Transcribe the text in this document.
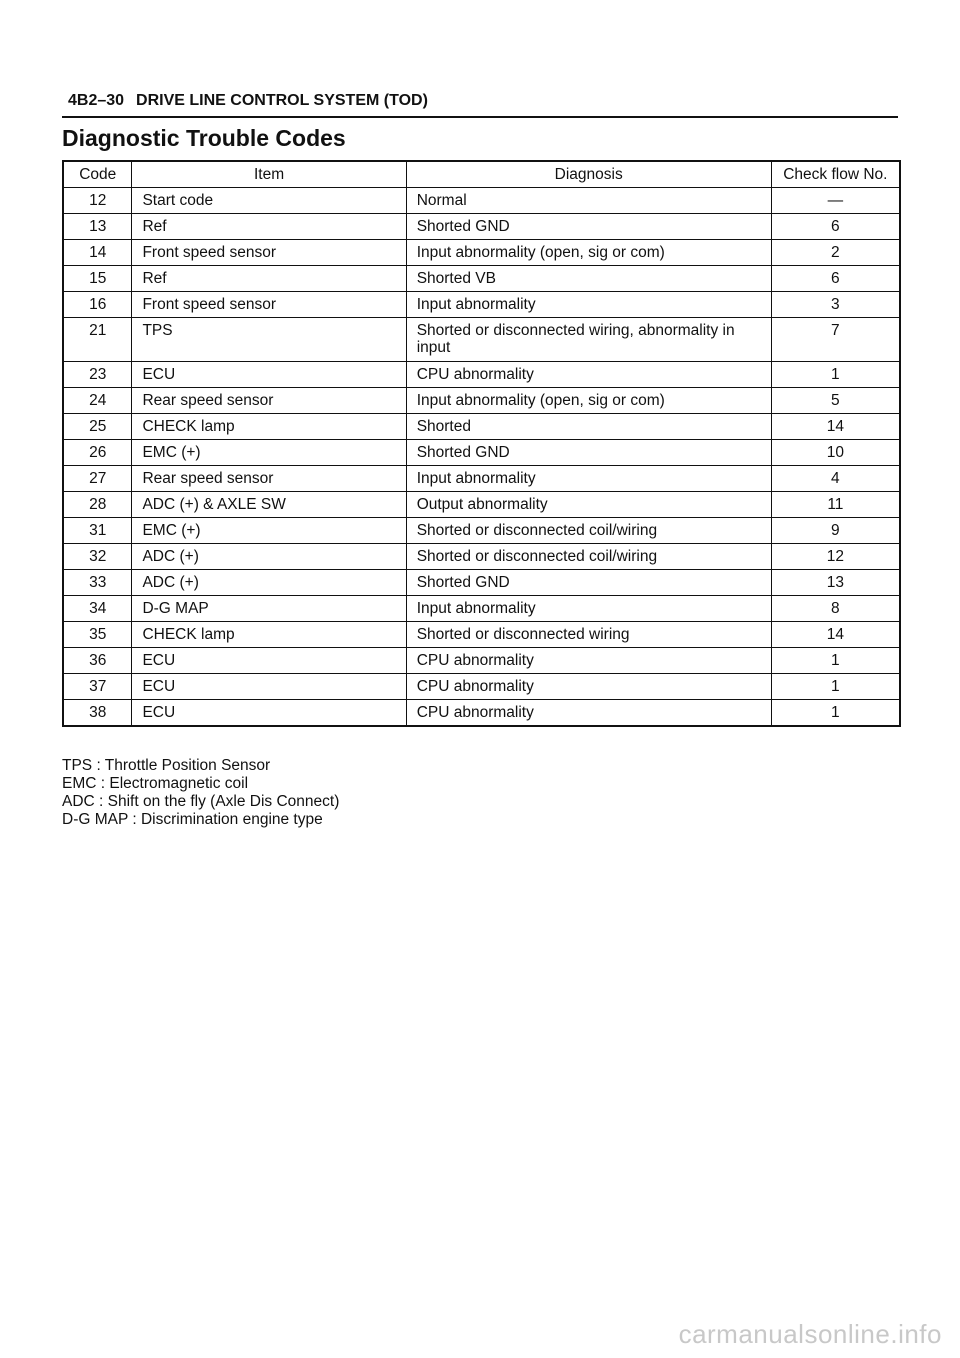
4B2–30 DRIVE LINE CONTROL SYSTEM (TOD)
Diagnostic Trouble Codes
Code	Item	Diagnosis	Check flow No.
12	Start code	Normal	—
13	Ref	Shorted GND	6
14	Front speed sensor	Input abnormality (open, sig or com)	2
15	Ref	Shorted VB	6
16	Front speed sensor	Input abnormality	3
21	TPS	Shorted or disconnected wiring, abnormality in input	7
23	ECU	CPU abnormality	1
24	Rear speed sensor	Input abnormality (open, sig or com)	5
25	CHECK lamp	Shorted	14
26	EMC (+)	Shorted GND	10
27	Rear speed sensor	Input abnormality	4
28	ADC (+) & AXLE SW	Output abnormality	11
31	EMC (+)	Shorted or disconnected coil/wiring	9
32	ADC (+)	Shorted or disconnected coil/wiring	12
33	ADC (+)	Shorted GND	13
34	D-G MAP	Input abnormality	8
35	CHECK lamp	Shorted or disconnected wiring	14
36	ECU	CPU abnormality	1
37	ECU	CPU abnormality	1
38	ECU	CPU abnormality	1
TPS : Throttle Position Sensor
EMC : Electromagnetic coil
ADC : Shift on the fly (Axle Dis Connect)
D-G MAP : Discrimination engine type
carmanualsonline.info
